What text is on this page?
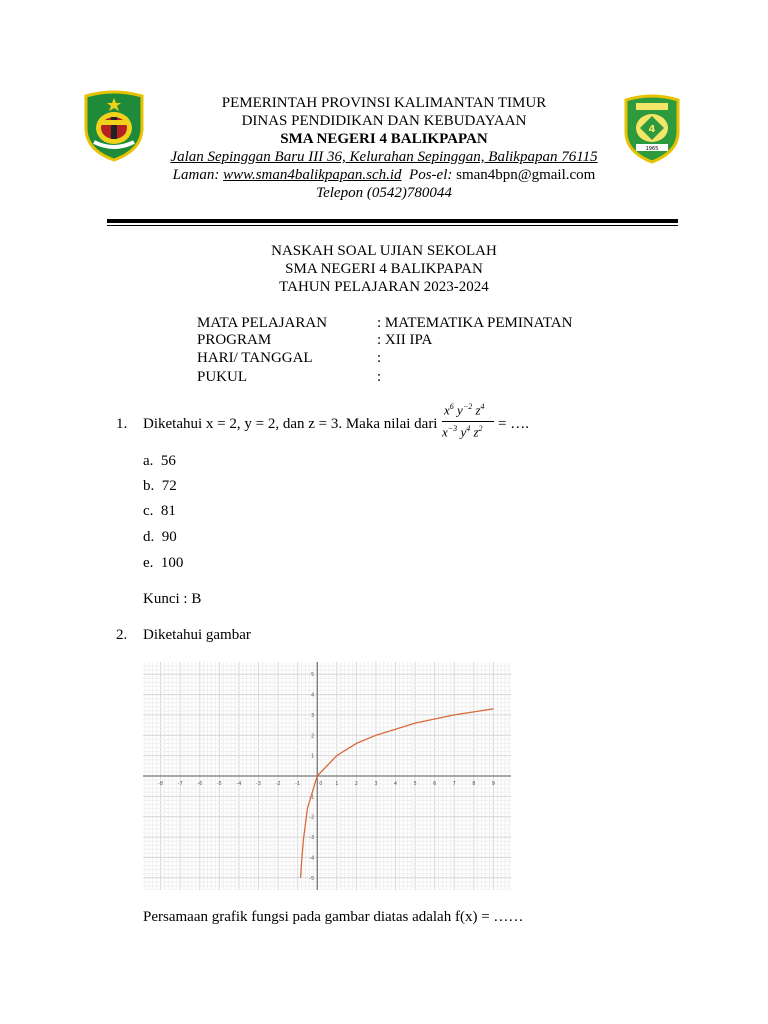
4
1965
PEMERINTAH PROVINSI KALIMANTAN TIMUR
DINAS PENDIDIKAN DAN KEBUDAYAAN
SMA NEGERI 4 BALIKPAPAN
Jalan Sepinggan Baru III 36, Kelurahan Sepinggan, Balikpapan 76115
Laman: www.sman4balikpapan.sch.id  Pos-el: sman4bpn@gmail.com
Telepon (0542)780044
NASKAH SOAL UJIAN SEKOLAH
SMA NEGERI 4 BALIKPAPAN
TAHUN PELAJARAN 2023-2024
MATA PELAJARAN	: MATEMATIKA PEMINATAN
PROGRAM	: XII IPA
HARI/ TANGGAL	:
PUKUL	:
1. Diketahui x = 2, y = 2, dan z = 3. Maka nilai dari
$x^6$ $y^{-2}$ $z^4$
$x^{-3}$ $y^4$ $z^2$ = ….
a. 56
b. 72
c. 81
d. 90
e. 100
Kunci : B
2. Diketahui gambar
-8	-7	-6	-5	-4	-3	-2	-1	1	2	3	4	5	6	7	8	9
-5
-4
-3
-2
-1
1
2
3
4
5
0
Persamaan grafik fungsi pada gambar diatas adalah f(x) = ……
